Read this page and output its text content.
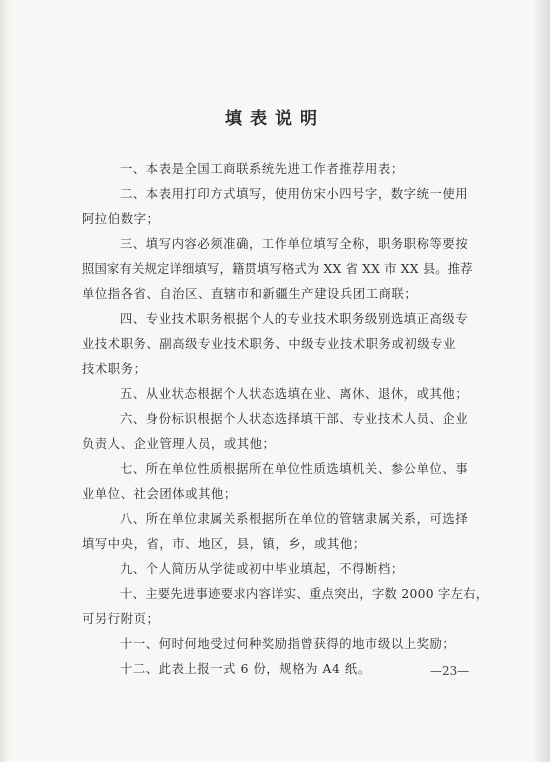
填表说明
一、本表是全国工商联系统先进工作者推荐用表；
二、本表用打印方式填写，使用仿宋小四号字，数字统一使用
阿拉伯数字；
三、填写内容必须准确，工作单位填写全称，职务职称等要按
照国家有关规定详细填写，籍贯填写格式为 XX 省 XX 市 XX 县。推荐
单位指各省、自治区、直辖市和新疆生产建设兵团工商联；
四、专业技术职务根据个人的专业技术职务级别选填正高级专
业技术职务、副高级专业技术职务、中级专业技术职务或初级专业
技术职务；
五、从业状态根据个人状态选填在业、离休、退休，或其他；
六、身份标识根据个人状态选择填干部、专业技术人员、企业
负责人、企业管理人员，或其他；
七、所在单位性质根据所在单位性质选填机关、参公单位、事
业单位、社会团体或其他；
八、所在单位隶属关系根据所在单位的管辖隶属关系，可选择
填写中央，省，市、地区，县，镇，乡，或其他；
九、个人简历从学徒或初中毕业填起，不得断档；
十、主要先进事迹要求内容详实、重点突出，字数 2000 字左右，
可另行附页；
十一、何时何地受过何种奖励指曾获得的地市级以上奖励；
十二、此表上报一式 6 份，规格为 A4 纸。	—23—
